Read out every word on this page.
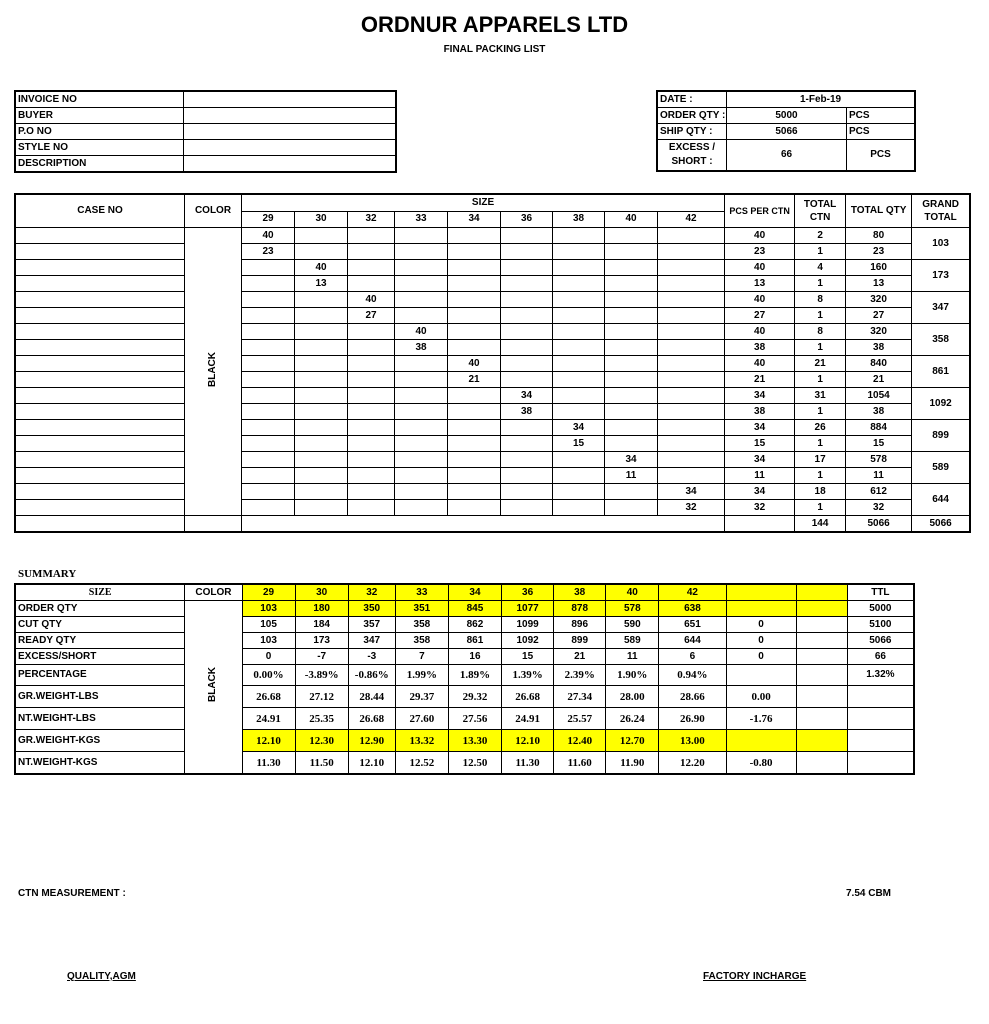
ORDNUR APPARELS LTD
FINAL PACKING LIST
INVOICE NO	
BUYER	
P.O NO	
STYLE NO	
DESCRIPTION	
DATE :	1-Feb-19	
ORDER QTY :	5000	PCS
SHIP QTY :	5066	PCS
EXCESS /
SHORT :	66	PCS
CASE NO	COLOR	SIZE									PCS PER CTN	TOTAL
CTN	TOTAL QTY	GRAND
TOTAL
		29	30	32	33	34	36	38	40	42				
	BLACK	40									40	2	80	103
		23									23	1	23	
			40								40	4	160	173
			13								13	1	13	
				40							40	8	320	347
				27							27	1	27	
					40						40	8	320	358
					38						38	1	38	
						40					40	21	840	861
						21					21	1	21	
							34				34	31	1054	1092
							38				38	1	38	
								34			34	26	884	899
								15			15	1	15	
									34		34	17	578	589
									11		11	1	11	
										34	34	18	612	644
										32	32	1	32	
												144	5066	5066
SUMMARY
SIZE	COLOR	29	30	32	33	34	36	38	40	42			TTL
ORDER QTY	BLACK	103	180	350	351	845	1077	878	578	638			5000
CUT QTY		105	184	357	358	862	1099	896	590	651	0		5100
READY QTY		103	173	347	358	861	1092	899	589	644	0		5066
EXCESS/SHORT		0	-7	-3	7	16	15	21	11	6	0		66
PERCENTAGE		0.00%	-3.89%	-0.86%	1.99%	1.89%	1.39%	2.39%	1.90%	0.94%			1.32%
GR.WEIGHT-LBS		26.68	27.12	28.44	29.37	29.32	26.68	27.34	28.00	28.66	0.00		
NT.WEIGHT-LBS		24.91	25.35	26.68	27.60	27.56	24.91	25.57	26.24	26.90	-1.76		
GR.WEIGHT-KGS		12.10	12.30	12.90	13.32	13.30	12.10	12.40	12.70	13.00			
NT.WEIGHT-KGS		11.30	11.50	12.10	12.52	12.50	11.30	11.60	11.90	12.20	-0.80		
CTN MEASUREMENT :	7.54 CBM
QUALITY,AGM	FACTORY INCHARGE
